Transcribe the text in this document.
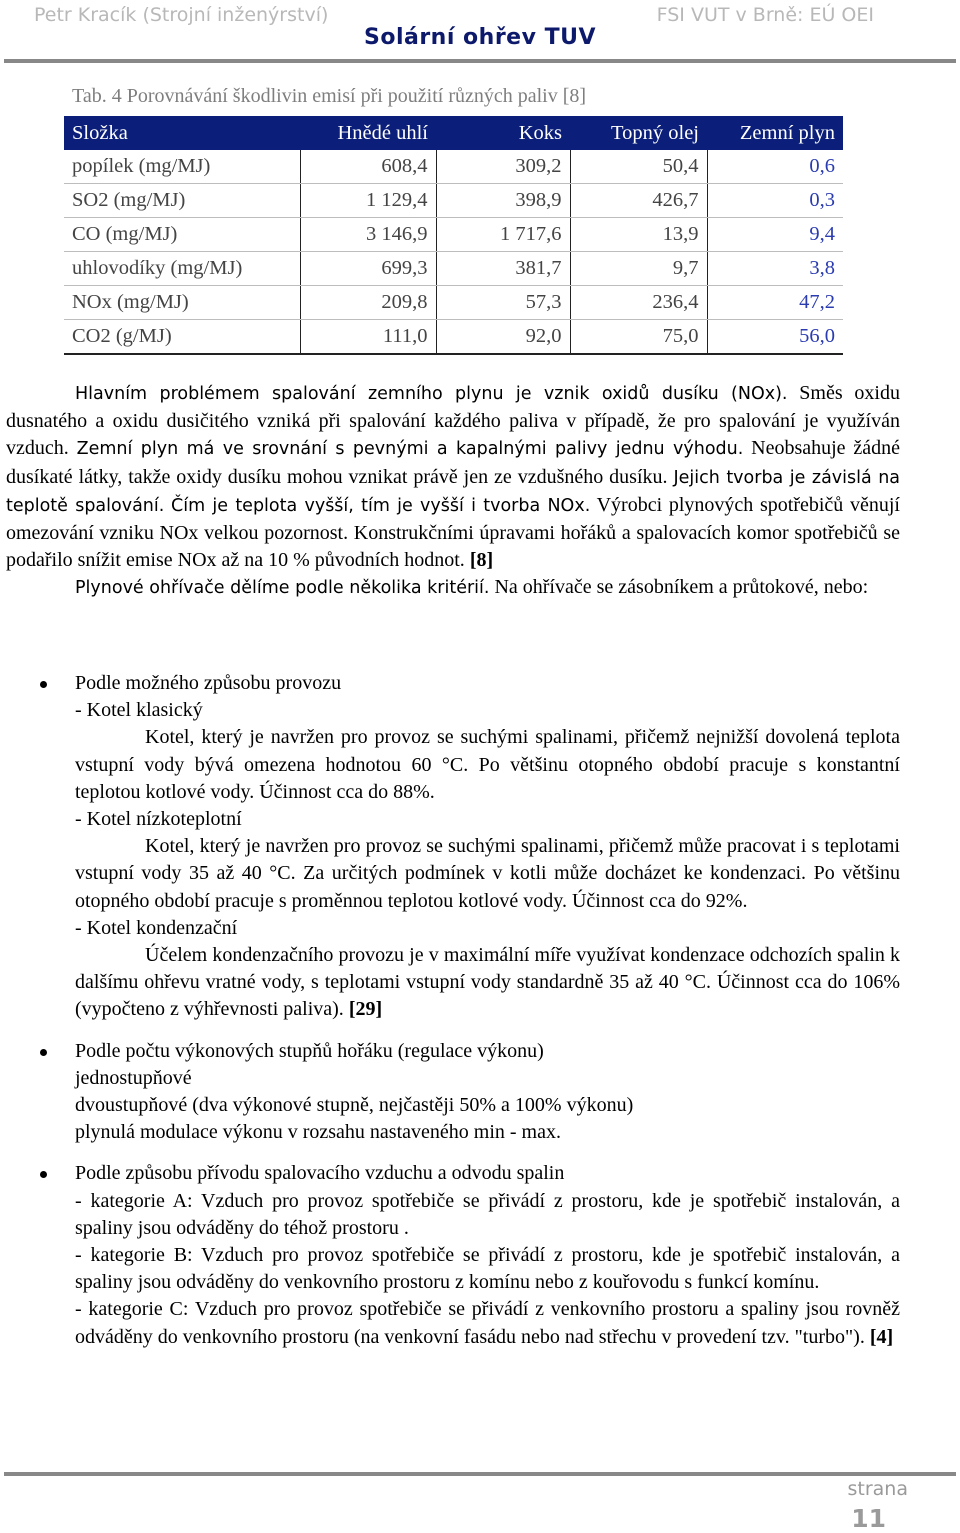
Petr Kracík (Strojní inženýrství)	FSI VUT v Brně: EÚ OEI
Solární ohřev TUV
Tab. 4 Porovnávání škodlivin emisí při použití různých paliv [8]
Složka	Hnědé uhlí	Koks	Topný olej	Zemní plyn
popílek (mg/MJ)	608,4	309,2	50,4	0,6
SO2 (mg/MJ)	1 129,4	398,9	426,7	0,3
CO (mg/MJ)	3 146,9	1 717,6	13,9	9,4
uhlovodíky (mg/MJ)	699,3	381,7	9,7	3,8
NOx (mg/MJ)	209,8	57,3	236,4	47,2
CO2 (g/MJ)	111,0	92,0	75,0	56,0

Hlavním problémem spalování zemního plynu je vznik oxidů dusíku (NOx). Směs oxidu dusnatého a oxidu dusičitého vzniká při spalování každého paliva v případě, že pro spalování je využíván vzduch. Zemní plyn má ve srovnání s pevnými a kapalnými palivy jednu výhodu. Neobsahuje žádné dusíkaté látky, takže oxidy dusíku mohou vznikat právě jen ze vzdušného dusíku. Jejich tvorba je závislá na teplotě spalování. Čím je teplota vyšší, tím je vyšší i tvorba NOx. Výrobci plynových spotřebičů věnují omezování vzniku NOx velkou pozornost. Konstrukčními úpravami hořáků a spalovacích komor spotřebičů se podařilo snížit emise NOx až na 10 % původních hodnot. [8]

Plynové ohřívače dělíme podle několika kritérií. Na ohřívače se zásobníkem a průtokové, nebo:

Podle možného způsobu provozu

- Kotel klasický

Kotel, který je navržen pro provoz se suchými spalinami, přičemž nejnižší dovolená teplota vstupní vody bývá omezena hodnotou 60 °C. Po většinu otopného období pracuje s konstantní teplotou kotlové vody. Účinnost cca do 88%.

- Kotel nízkoteplotní

Kotel, který je navržen pro provoz se suchými spalinami, přičemž může pracovat i s teplotami vstupní vody 35 až 40 °C. Za určitých podmínek v kotli může docházet ke kondenzaci. Po většinu otopného období pracuje s proměnnou teplotou kotlové vody. Účinnost cca do 92%.

- Kotel kondenzační

Účelem kondenzačního provozu je v maximální míře využívat kondenzace odchozích spalin k dalšímu ohřevu vratné vody, s teplotami vstupní vody standardně 35 až 40 °C. Účinnost cca do 106% (vypočteno z výhřevnosti paliva). [29]

Podle počtu výkonových stupňů hořáku (regulace výkonu)

jednostupňové

dvoustupňové (dva výkonové stupně, nejčastěji 50% a 100% výkonu)

plynulá modulace výkonu v rozsahu nastaveného min - max.

Podle způsobu přívodu spalovacího vzduchu a odvodu spalin

- kategorie A: Vzduch pro provoz spotřebiče se přivádí z prostoru, kde je spotřebič instalován, a spaliny jsou odváděny do téhož prostoru .

- kategorie B: Vzduch pro provoz spotřebiče se přivádí z prostoru, kde je spotřebič instalován, a spaliny jsou odváděny do venkovního prostoru z komínu nebo z kouřovodu s funkcí komínu.

- kategorie C: Vzduch pro provoz spotřebiče se přivádí z venkovního prostoru a spaliny jsou rovněž odváděny do venkovního prostoru (na venkovní fasádu nebo nad střechu v provedení tzv. "turbo"). [4]

strana
11
